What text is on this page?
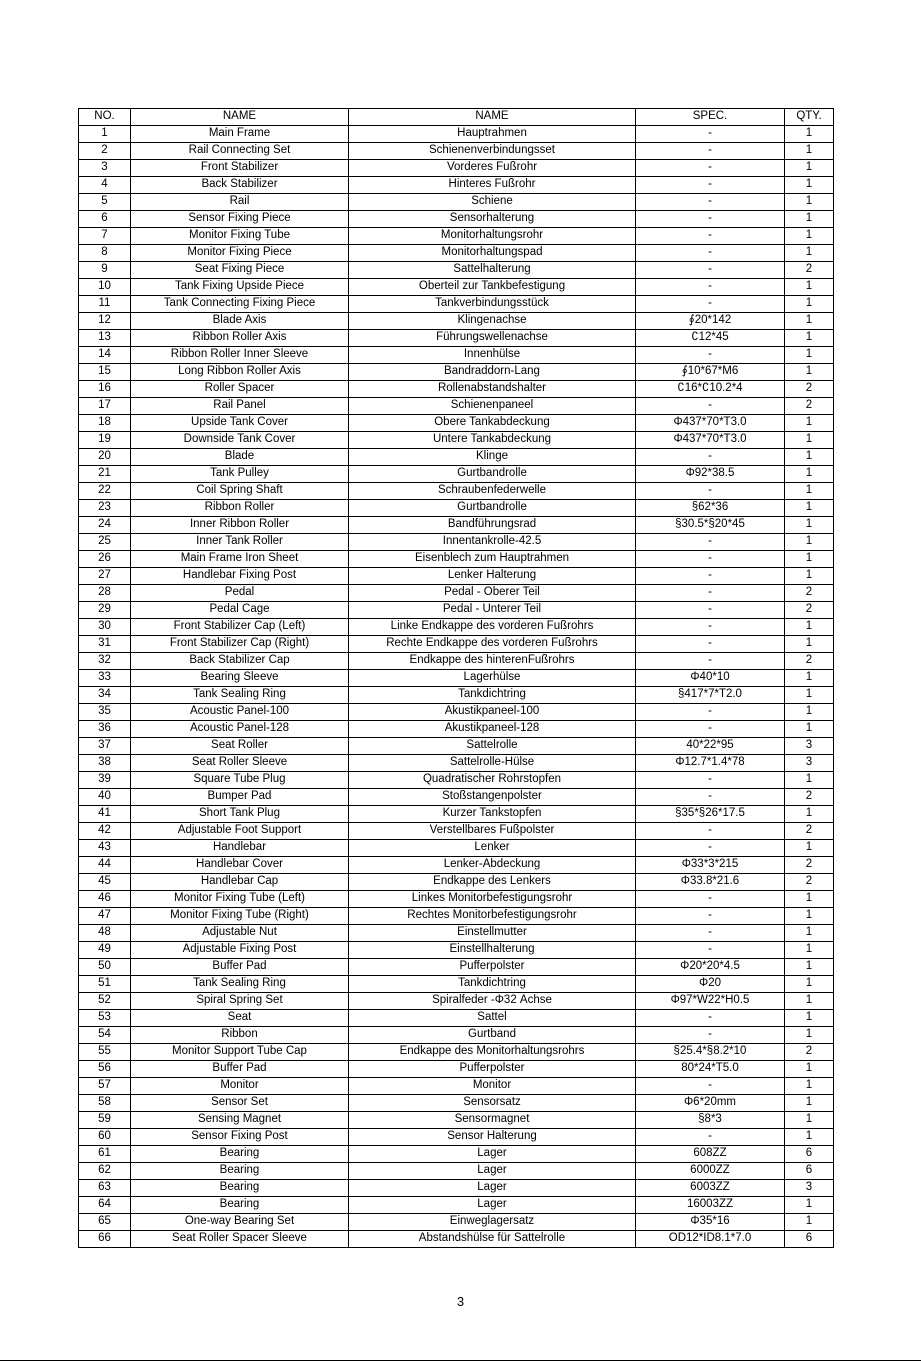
NO.	NAME	NAME	SPEC.	QTY.
1	Main Frame	Hauptrahmen	-	1
2	Rail Connecting Set	Schienenverbindungsset	-	1
3	Front Stabilizer	Vorderes Fußrohr	-	1
4	Back Stabilizer	Hinteres Fußrohr	-	1
5	Rail	Schiene	-	1
6	Sensor Fixing Piece	Sensorhalterung	-	1
7	Monitor Fixing Tube	Monitorhaltungsrohr	-	1
8	Monitor Fixing Piece	Monitorhaltungspad	-	1
9	Seat Fixing Piece	Sattelhalterung	-	2
10	Tank Fixing Upside Piece	Oberteil zur Tankbefestigung	-	1
11	Tank Connecting Fixing Piece	Tankverbindungsstück	-	1
12	Blade Axis	Klingenachse	∮20*142	1
13	Ribbon Roller Axis	Führungswellenachse	∁12*45	1
14	Ribbon Roller Inner Sleeve	Innenhülse	-	1
15	Long Ribbon Roller Axis	Bandraddorn-Lang	∮10*67*M6	1
16	Roller Spacer	Rollenabstandshalter	∁16*∁10.2*4	2
17	Rail Panel	Schienenpaneel	-	2
18	Upside Tank Cover	Obere Tankabdeckung	Φ437*70*T3.0	1
19	Downside Tank Cover	Untere Tankabdeckung	Φ437*70*T3.0	1
20	Blade	Klinge	-	1
21	Tank Pulley	Gurtbandrolle	Φ92*38.5	1
22	Coil Spring Shaft	Schraubenfederwelle	-	1
23	Ribbon Roller	Gurtbandrolle	§62*36	1
24	Inner Ribbon Roller	Bandführungsrad	§30.5*§20*45	1
25	Inner Tank Roller	Innentankrolle-42.5	-	1
26	Main Frame Iron Sheet	Eisenblech zum Hauptrahmen	-	1
27	Handlebar Fixing Post	Lenker Halterung	-	1
28	Pedal	Pedal - Oberer Teil	-	2
29	Pedal Cage	Pedal - Unterer Teil	-	2
30	Front Stabilizer Cap (Left)	Linke Endkappe des vorderen Fußrohrs	-	1
31	Front Stabilizer Cap (Right)	Rechte Endkappe des vorderen Fußrohrs	-	1
32	Back Stabilizer Cap	Endkappe des hinterenFußrohrs	-	2
33	Bearing Sleeve	Lagerhülse	Φ40*10	1
34	Tank Sealing Ring	Tankdichtring	§417*7*T2.0	1
35	Acoustic Panel-100	Akustikpaneel-100	-	1
36	Acoustic Panel-128	Akustikpaneel-128	-	1
37	Seat Roller	Sattelrolle	40*22*95	3
38	Seat Roller Sleeve	Sattelrolle-Hülse	Φ12.7*1.4*78	3
39	Square Tube Plug	Quadratischer Rohrstopfen	-	1
40	Bumper Pad	Stoßstangenpolster	-	2
41	Short Tank Plug	Kurzer Tankstopfen	§35*§26*17.5	1
42	Adjustable Foot Support	Verstellbares Fußpolster	-	2
43	Handlebar	Lenker	-	1
44	Handlebar Cover	Lenker-Abdeckung	Φ33*3*215	2
45	Handlebar Cap	Endkappe des Lenkers	Φ33.8*21.6	2
46	Monitor Fixing Tube (Left)	Linkes Monitorbefestigungsrohr	-	1
47	Monitor Fixing Tube (Right)	Rechtes Monitorbefestigungsrohr	-	1
48	Adjustable Nut	Einstellmutter	-	1
49	Adjustable Fixing Post	Einstellhalterung	-	1
50	Buffer Pad	Pufferpolster	Φ20*20*4.5	1
51	Tank Sealing Ring	Tankdichtring	Φ20	1
52	Spiral Spring Set	Spiralfeder -Φ32 Achse	Φ97*W22*H0.5	1
53	Seat	Sattel	-	1
54	Ribbon	Gurtband	-	1
55	Monitor Support Tube Cap	Endkappe des Monitorhaltungsrohrs	§25.4*§8.2*10	2
56	Buffer Pad	Pufferpolster	80*24*T5.0	1
57	Monitor	Monitor	-	1
58	Sensor Set	Sensorsatz	Φ6*20mm	1
59	Sensing Magnet	Sensormagnet	§8*3	1
60	Sensor Fixing Post	Sensor Halterung	-	1
61	Bearing	Lager	608ZZ	6
62	Bearing	Lager	6000ZZ	6
63	Bearing	Lager	6003ZZ	3
64	Bearing	Lager	16003ZZ	1
65	One-way Bearing Set	Einweglagersatz	Φ35*16	1
66	Seat Roller Spacer Sleeve	Abstandshülse für Sattelrolle	OD12*ID8.1*7.0	6
3
